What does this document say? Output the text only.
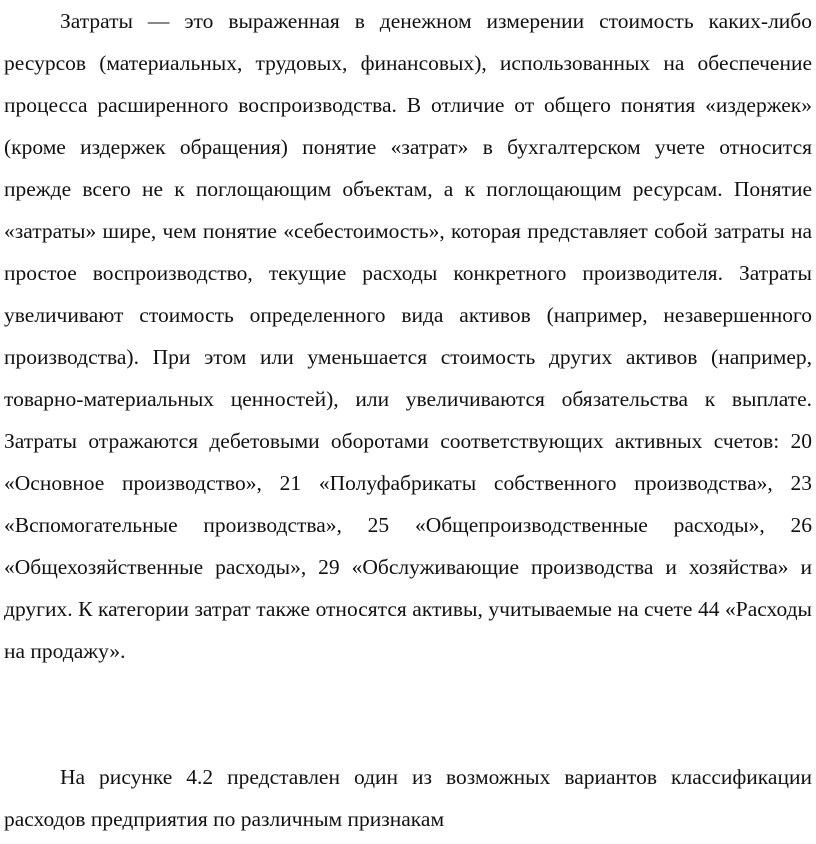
Затраты — это выраженная в денежном измерении стоимость каких-либо ресурсов (материальных, трудовых, финансовых), использованных на обеспечение процесса расширенного воспроизводства. В отличие от общего понятия «издержек» (кроме издержек обращения) понятие «затрат» в бухгалтерском учете относится прежде всего не к поглощающим объектам, а к поглощающим ресурсам. Понятие «затраты» шире, чем понятие «себестоимость», которая представляет собой затраты на простое воспроизводство, текущие расходы конкретного производителя. Затраты увеличивают стоимость определенного вида активов (например, незавершенного производства). При этом или уменьшается стоимость других активов (например, товарно-материальных ценностей), или увеличиваются обязательства к выплате. Затраты отражаются дебетовыми оборотами соответствующих активных счетов: 20 «Основное производство», 21 «Полуфабрикаты собственного производства», 23 «Вспомогательные производства», 25 «Общепроизводственные расходы», 26 «Общехозяйственные расходы», 29 «Обслуживающие производства и хозяйства» и других. К категории затрат также относятся активы, учитываемые на счете 44 «Расходы на продажу».

На рисунке 4.2 представлен один из возможных вариантов классификации расходов предприятия по различным признакам
